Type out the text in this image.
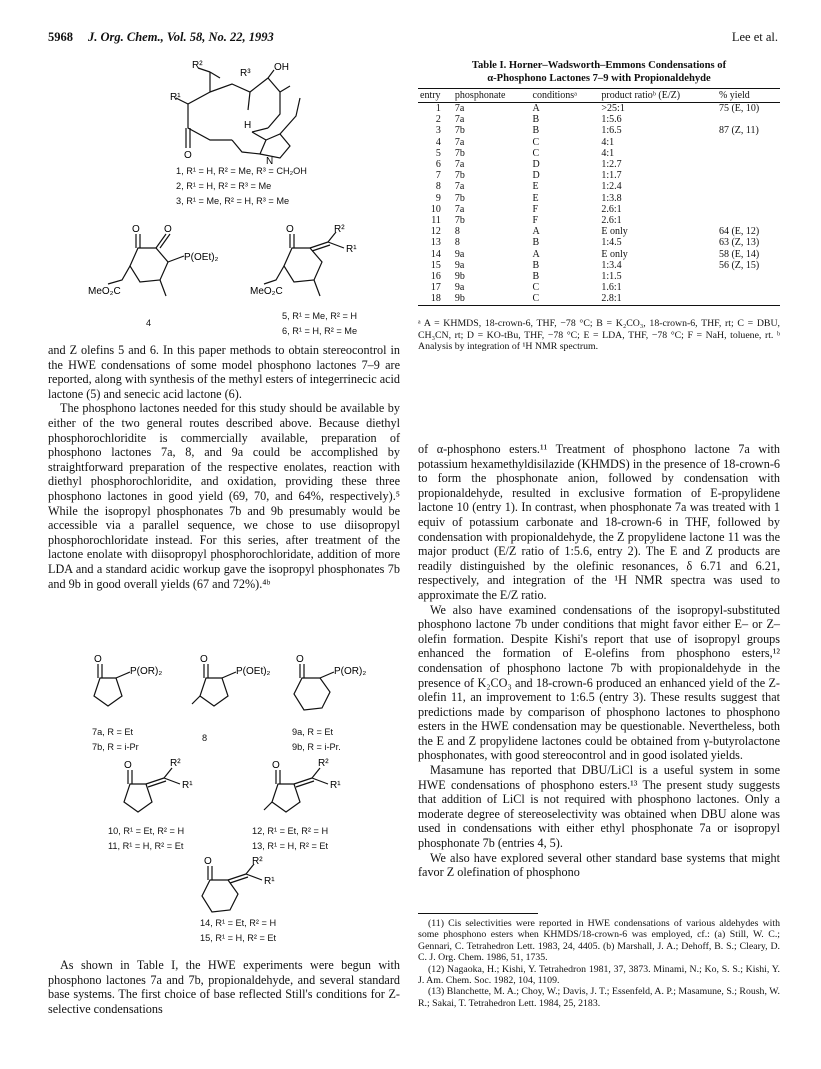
5968 J. Org. Chem., Vol. 58, No. 22, 1993	Lee et al.
R²
R¹
R³
OH
H
N
O
1, R¹ = H, R² = Me, R³ = CH₂OH
2, R¹ = H, R² = R³ = Me
3, R¹ = Me, R² = H, R³ = Me
O O
P(OEt)₂
MeO₂C
4
O	R²
R¹
MeO₂C
5, R¹ = Me, R² = H
6, R¹ = H, R² = Me

and Z olefins 5 and 6. In this paper methods to obtain stereocontrol in the HWE condensations of some model phosphono lactones 7–9 are reported, along with synthesis of the methyl esters of integerrinecic acid lactone (5) and senecic acid lactone (6).

The phosphono lactones needed for this study should be available by either of the two general routes described above. Because diethyl phosphorochloridite is commercially available, preparation of phosphono lactones 7a, 8, and 9a could be accomplished by straightforward preparation of the respective enolates, reaction with diethyl phosphorochloridite, and oxidation, providing these three phosphono lactones in good yield (69, 70, and 64%, respectively).⁵ While the isopropyl phosphonates 7b and 9b presumably would be accessible via a parallel sequence, we chose to use diisopropyl phosphorochloridate instead. For this series, after treatment of the lactone enolate with diisopropyl phosphorochloridate, addition of more LDA and a standard acidic workup gave the isopropyl phosphonates 7b and 9b in good overall yields (67 and 72%).⁴ᵇ

O
P(OR)₂
O
P(OEt)₂
O
P(OR)₂
7a, R = Et
7b, R = i-Pr
8
9a, R = Et
9b, R = i-Pr.
O	R²
R¹
O	R²
R¹
10, R¹ = Et, R² = H
11, R¹ = H, R² = Et
12, R¹ = Et, R² = H
13, R¹ = H, R² = Et
O	R²
R¹
14, R¹ = Et, R² = H
15, R¹ = H, R² = Et

As shown in Table I, the HWE experiments were begun with phosphono lactones 7a and 7b, propionaldehyde, and several standard base systems. The first choice of base reflected Still's conditions for Z-selective condensations

Table I. Horner–Wadsworth–Emmons Condensations of
α-Phosphono Lactones 7–9 with Propionaldehyde
entry	phosphonate	conditionsᵃ	product ratioᵇ (E/Z)	% yield
1	7a	A	>25:1	75 (E, 10)
2	7a	B	1:5.6	
3	7b	B	1:6.5	87 (Z, 11)
4	7a	C	4:1	
5	7b	C	4:1	
6	7a	D	1:2.7	
7	7b	D	1:1.7	
8	7a	E	1:2.4	
9	7b	E	1:3.8	
10	7a	F	2.6:1	
11	7b	F	2.6:1	
12	8	A	E only	64 (E, 12)
13	8	B	1:4.5	63 (Z, 13)
14	9a	A	E only	58 (E, 14)
15	9a	B	1:3.4	56 (Z, 15)
16	9b	B	1:1.5	
17	9a	C	1.6:1	
18	9b	C	2.8:1	
ᵃ A = KHMDS, 18-crown-6, THF, −78 °C; B = K₂CO₃, 18-crown-6, THF, rt; C = DBU, CH₃CN, rt; D = KO-tBu, THF, −78 °C; E = LDA, THF, −78 °C; F = NaH, toluene, rt. ᵇ Analysis by integration of ¹H NMR spectrum.

of α-phosphono esters.¹¹ Treatment of phosphono lactone 7a with potassium hexamethyldisilazide (KHMDS) in the presence of 18-crown-6 to form the phosphonate anion, followed by condensation with propionaldehyde, resulted in exclusive formation of E-propylidene lactone 10 (entry 1). In contrast, when phosphonate 7a was treated with 1 equiv of potassium carbonate and 18-crown-6 in THF, followed by condensation with propionaldehyde, the Z propylidene lactone 11 was the major product (E/Z ratio of 1:5.6, entry 2). The E and Z products are readily distinguished by the olefinic resonances, δ 6.71 and 6.21, respectively, and integration of the ¹H NMR spectra was used to approximate the E/Z ratio.

We also have examined condensations of the isopropyl-substituted phosphono lactone 7b under conditions that might favor either E– or Z–olefin formation. Despite Kishi's report that use of isopropyl groups enhanced the formation of E-olefins from phosphono esters,¹² condensation of phosphono lactone 7b with propionaldehyde in the presence of K₂CO₃ and 18-crown-6 produced an enhanced yield of the Z-olefin 11, an improvement to 1:6.5 (entry 3). These results suggest that predictions made by comparison of phosphono lactones to phosphono esters in the HWE condensation may be questionable. Nevertheless, both the E and Z propylidene lactones could be obtained from γ-butyrolactone phosphonates, with good stereocontrol and in good isolated yields.

Masamune has reported that DBU/LiCl is a useful system in some HWE condensations of phosphono esters.¹³ The present study suggests that addition of LiCl is not required with phosphono lactones. Only a moderate degree of stereoselectivity was obtained when DBU alone was used in condensations with either ethyl phosphonate 7a or isopropyl phosphonate 7b (entries 4, 5).

We also have explored several other standard base systems that might favor Z olefination of phosphono

(11) Cis selectivities were reported in HWE condensations of various aldehydes with some phosphono esters when KHMDS/18-crown-6 was employed, cf.: (a) Still, W. C.; Gennari, C. Tetrahedron Lett. 1983, 24, 4405. (b) Marshall, J. A.; Dehoff, B. S.; Cleary, D. C. J. Org. Chem. 1986, 51, 1735.

(12) Nagaoka, H.; Kishi, Y. Tetrahedron 1981, 37, 3873. Minami, N.; Ko, S. S.; Kishi, Y. J. Am. Chem. Soc. 1982, 104, 1109.

(13) Blanchette, M. A.; Choy, W.; Davis, J. T.; Essenfeld, A. P.; Masamune, S.; Roush, W. R.; Sakai, T. Tetrahedron Lett. 1984, 25, 2183.
